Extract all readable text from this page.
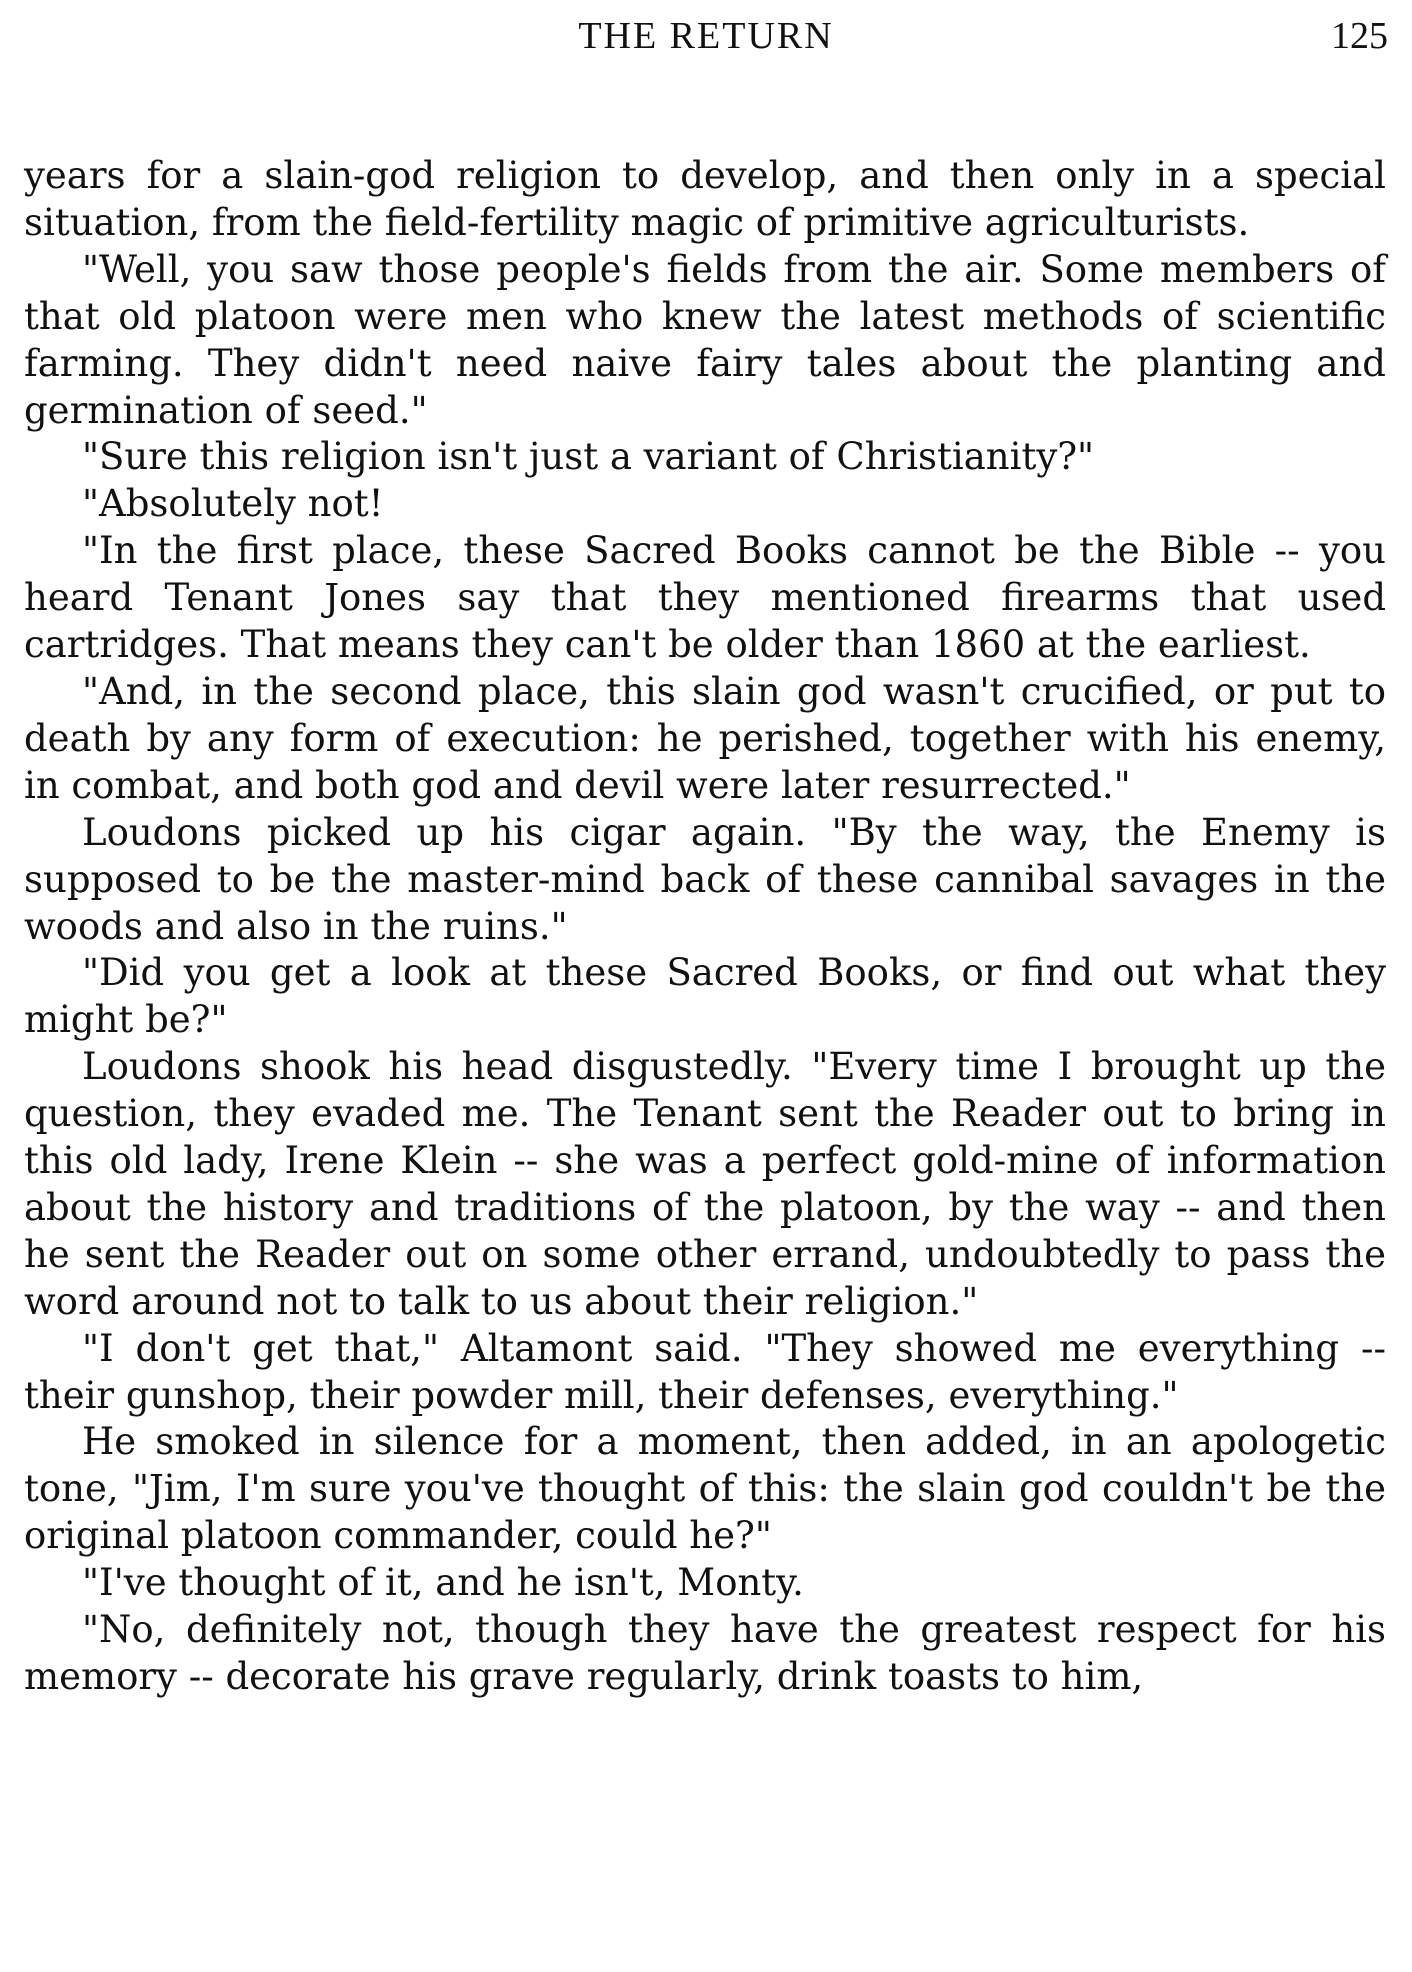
THE RETURN	125

years for a slain-god religion to develop, and then only in a special situation, from the field-fertility magic of primitive agriculturists.

"Well, you saw those people's fields from the air. Some members of that old platoon were men who knew the latest methods of scientific farming. They didn't need naive fairy tales about the planting and germination of seed."

"Sure this religion isn't just a variant of Christianity?"

"Absolutely not!

"In the first place, these Sacred Books cannot be the Bible -- you heard Tenant Jones say that they mentioned firearms that used cartridges. That means they can't be older than 1860 at the earliest.

"And, in the second place, this slain god wasn't crucified, or put to death by any form of execution: he perished, together with his enemy, in combat, and both god and devil were later resurrected."

Loudons picked up his cigar again. "By the way, the Enemy is supposed to be the master-mind back of these cannibal savages in the woods and also in the ruins."

"Did you get a look at these Sacred Books, or find out what they might be?"

Loudons shook his head disgustedly. "Every time I brought up the question, they evaded me. The Tenant sent the Reader out to bring in this old lady, Irene Klein -- she was a perfect gold-mine of information about the history and traditions of the platoon, by the way -- and then he sent the Reader out on some other errand, undoubtedly to pass the word around not to talk to us about their religion."

"I don't get that," Altamont said. "They showed me everything -- their gunshop, their powder mill, their defenses, everything."

He smoked in silence for a moment, then added, in an apologetic tone, "Jim, I'm sure you've thought of this: the slain god couldn't be the original platoon commander, could he?"

"I've thought of it, and he isn't, Monty.

"No, definitely not, though they have the greatest respect for his memory -- decorate his grave regularly, drink toasts to him,
